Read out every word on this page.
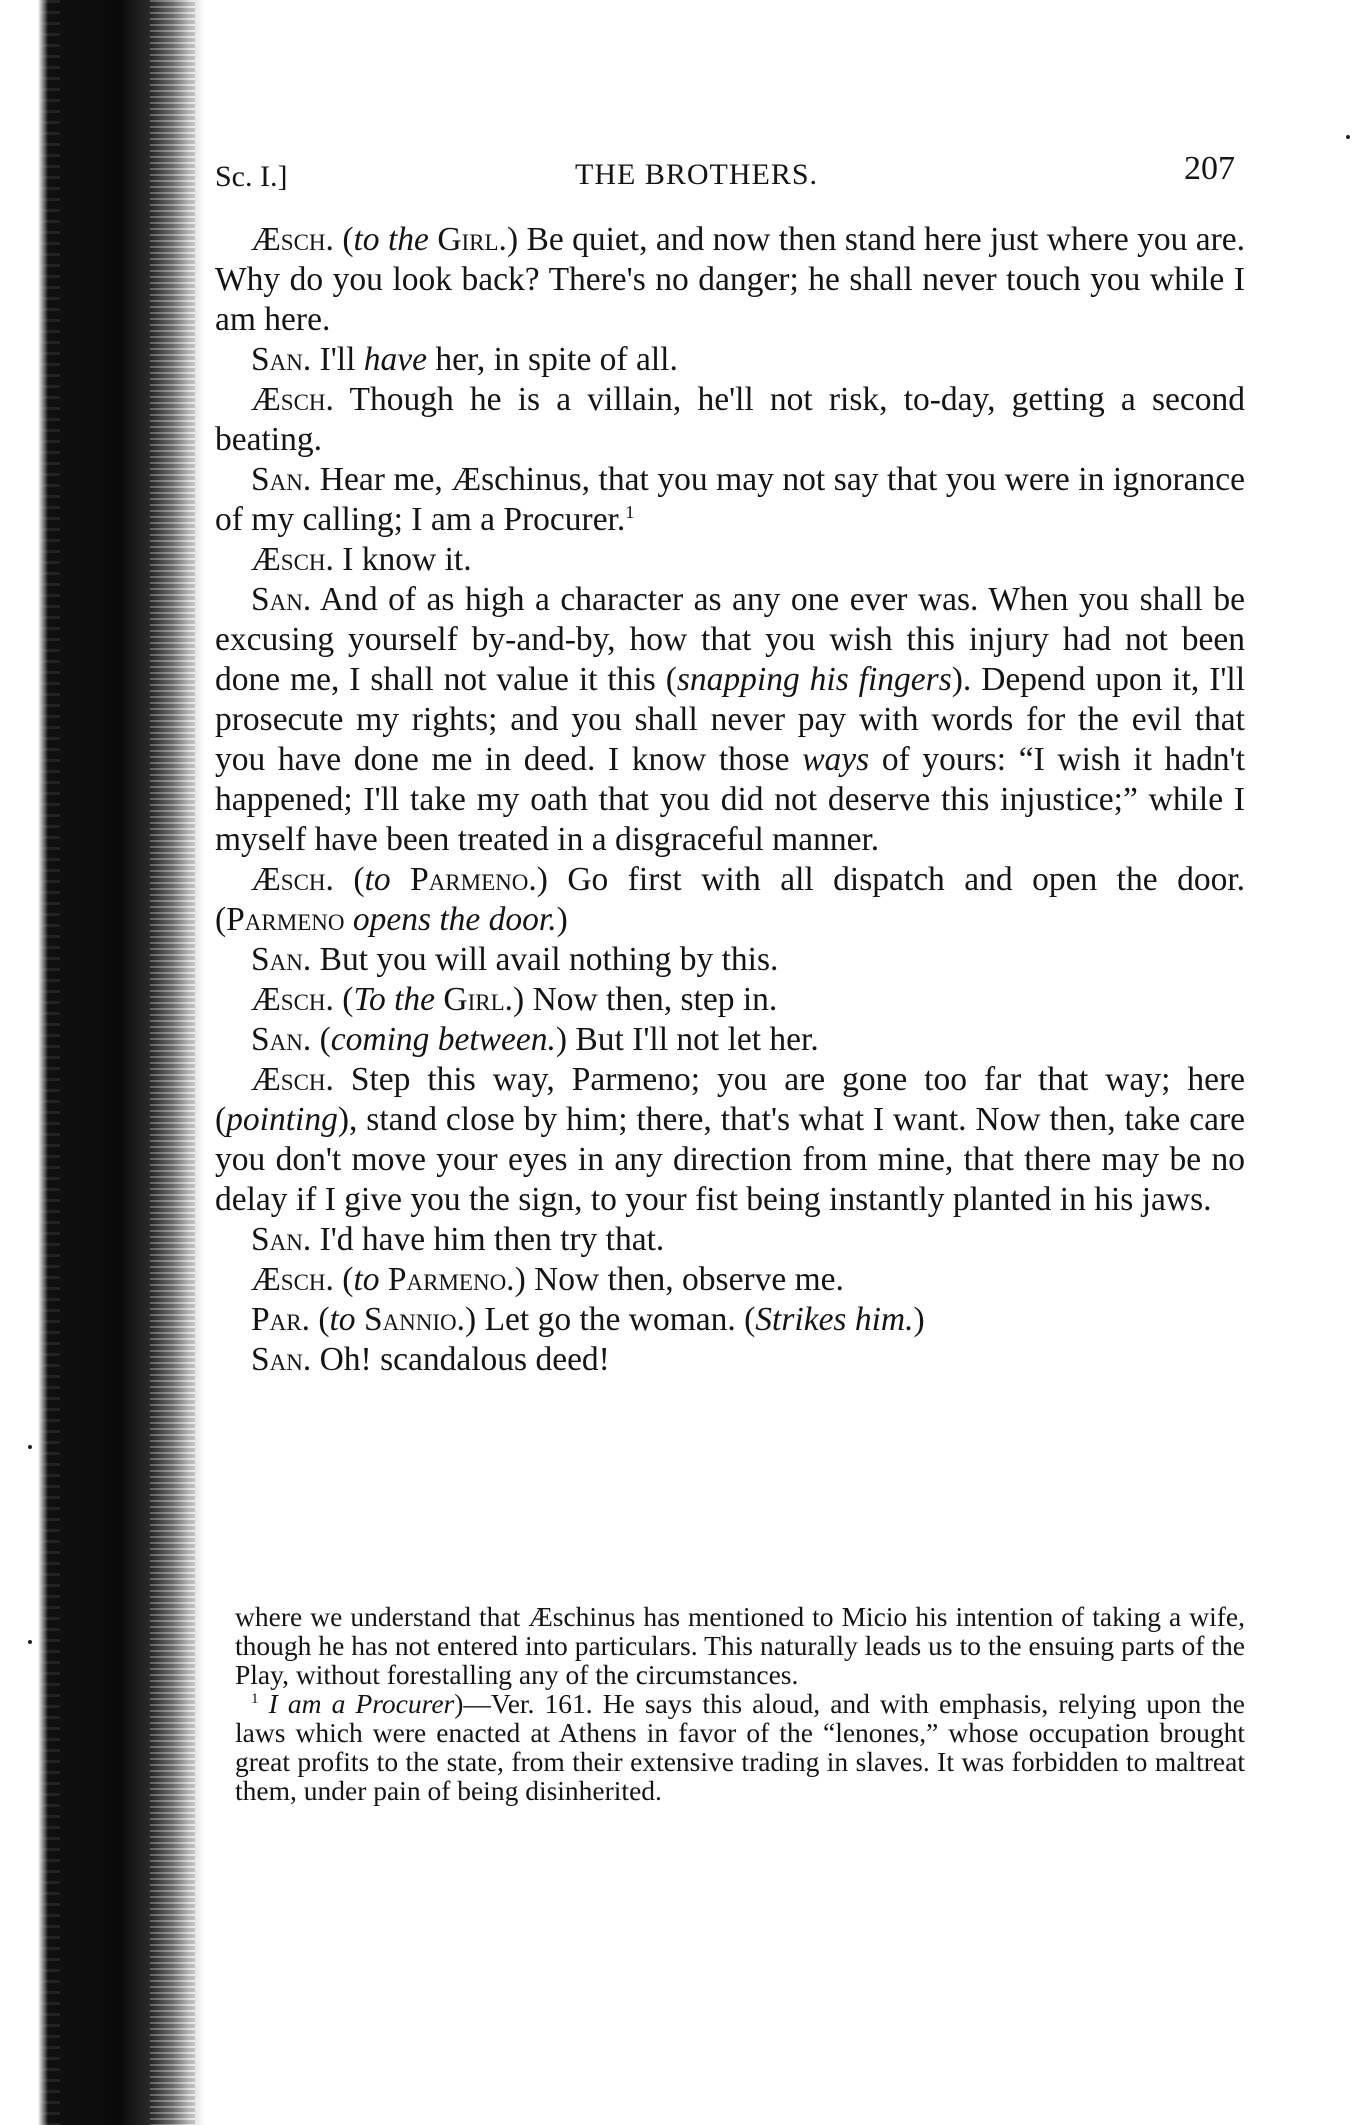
Sc. I.]	THE BROTHERS.	207

Æsch. (to the Girl.) Be quiet, and now then stand here just where you are. Why do you look back? There's no danger; he shall never touch you while I am here.

San. I'll have her, in spite of all.

Æsch. Though he is a villain, he'll not risk, to-day, getting a second beating.

San. Hear me, Æschinus, that you may not say that you were in ignorance of my calling; I am a Procurer.$^1$

Æsch. I know it.

San. And of as high a character as any one ever was. When you shall be excusing yourself by-and-by, how that you wish this injury had not been done me, I shall not value it this (snapping his fingers). Depend upon it, I'll prosecute my rights; and you shall never pay with words for the evil that you have done me in deed. I know those ways of yours: “I wish it hadn't happened; I'll take my oath that you did not deserve this injustice;” while I myself have been treated in a disgraceful manner.

Æsch. (to Parmeno.) Go first with all dispatch and open the door. (Parmeno opens the door.)

San. But you will avail nothing by this.

Æsch. (To the Girl.) Now then, step in.

San. (coming between.) But I'll not let her.

Æsch. Step this way, Parmeno; you are gone too far that way; here (pointing), stand close by him; there, that's what I want. Now then, take care you don't move your eyes in any direction from mine, that there may be no delay if I give you the sign, to your fist being instantly planted in his jaws.

San. I'd have him then try that.

Æsch. (to Parmeno.) Now then, observe me.

Par. (to Sannio.) Let go the woman. (Strikes him.)

San. Oh! scandalous deed!

where we understand that Æschinus has mentioned to Micio his intention of taking a wife, though he has not entered into particulars. This naturally leads us to the ensuing parts of the Play, without forestalling any of the circumstances.

$^1$ I am a Procurer)—Ver. 161. He says this aloud, and with emphasis, relying upon the laws which were enacted at Athens in favor of the “lenones,” whose occupation brought great profits to the state, from their extensive trading in slaves. It was forbidden to maltreat them, under pain of being disinherited.
